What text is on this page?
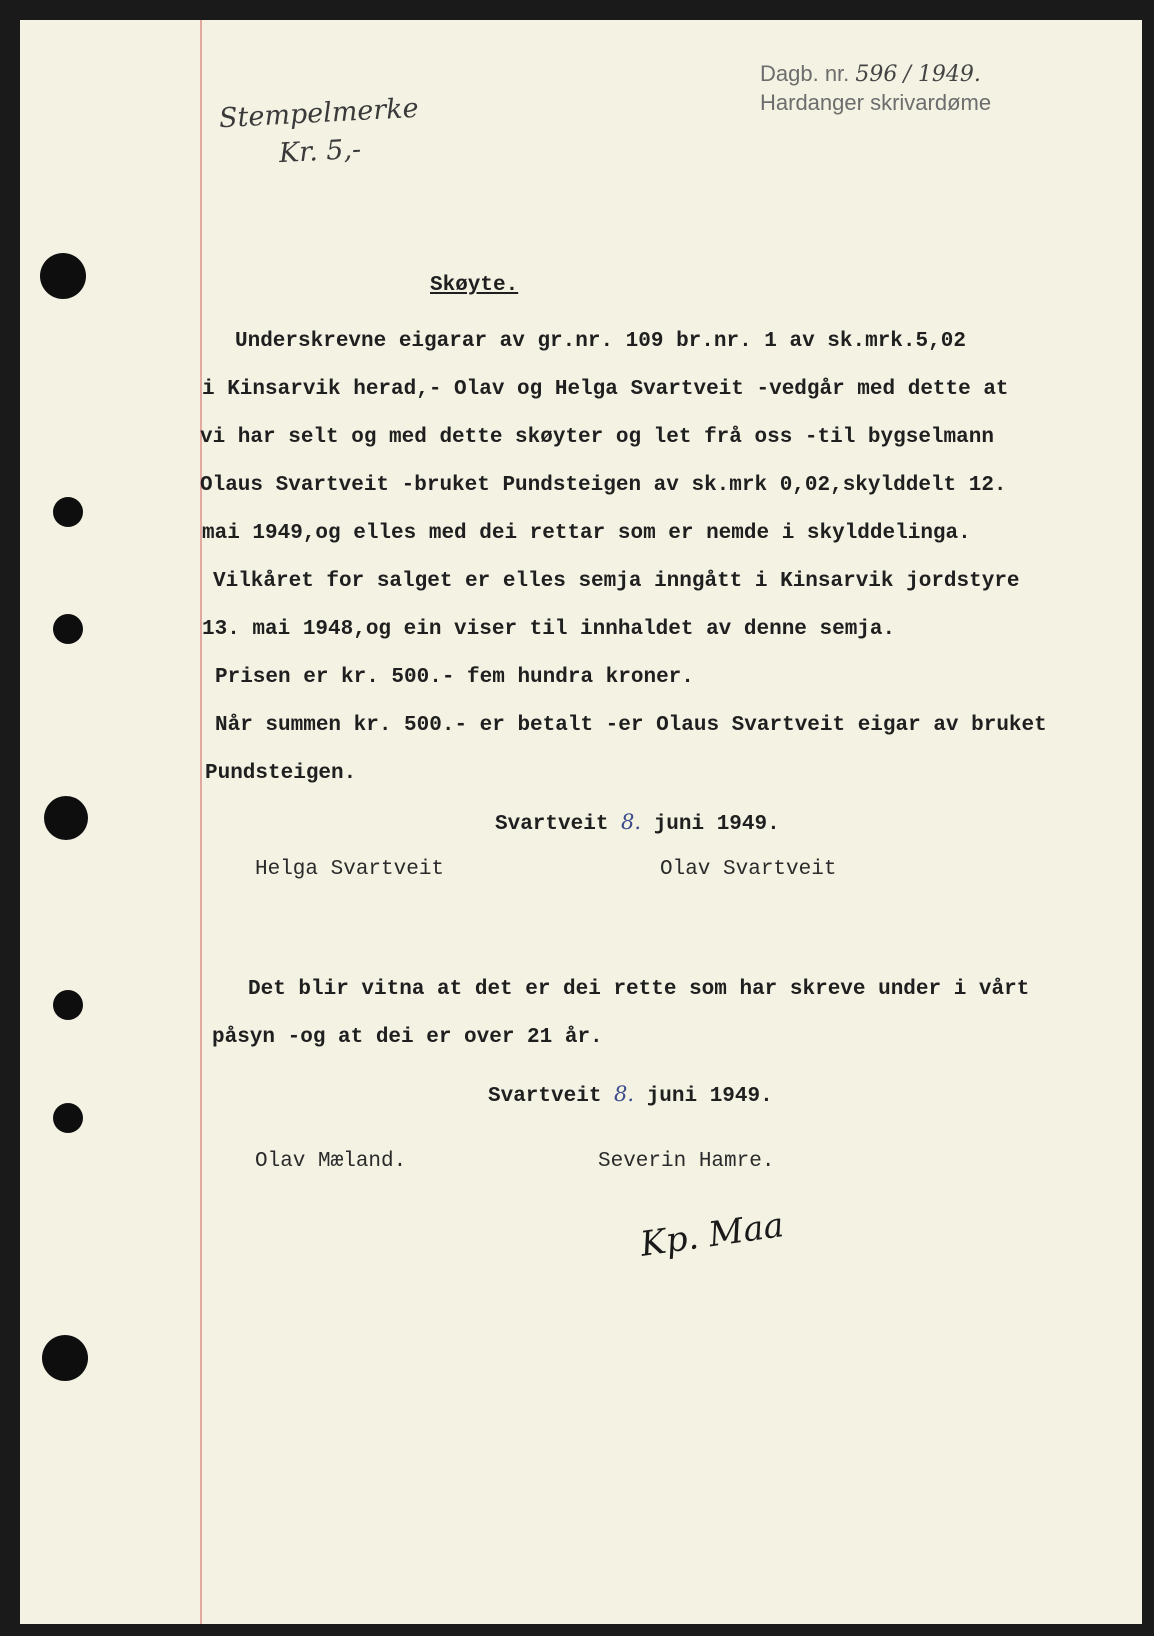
Dagb. nr. 596 / 1949.
Hardanger skrivardøme
Stempelmerke
Kr. 5,-
Skøyte.
Underskrevne eigarar av gr.nr. 109 br.nr. 1 av sk.mrk.5,02
i Kinsarvik herad,- Olav og Helga Svartveit -vedgår med dette at
vi har selt og med dette skøyter og let frå oss -til bygselmann
Olaus Svartveit -bruket Pundsteigen av sk.mrk 0,02,skylddelt 12.
mai 1949,og elles med dei rettar som er nemde i skylddelinga.
Vilkåret for salget er elles semja inngått i Kinsarvik jordstyre
13. mai 1948,og ein viser til innhaldet av denne semja.
Prisen er kr. 500.- fem hundra kroner.
Når summen kr. 500.- er betalt -er Olaus Svartveit eigar av bruket
Pundsteigen.
Svartveit 8. juni 1949.
Helga Svartveit	Olav Svartveit
Det blir vitna at det er dei rette som har skreve under i vårt
påsyn -og at dei er over 21 år.
Svartveit 8. juni 1949.
Olav Mæland.	Severin Hamre.
Kp. Maa
